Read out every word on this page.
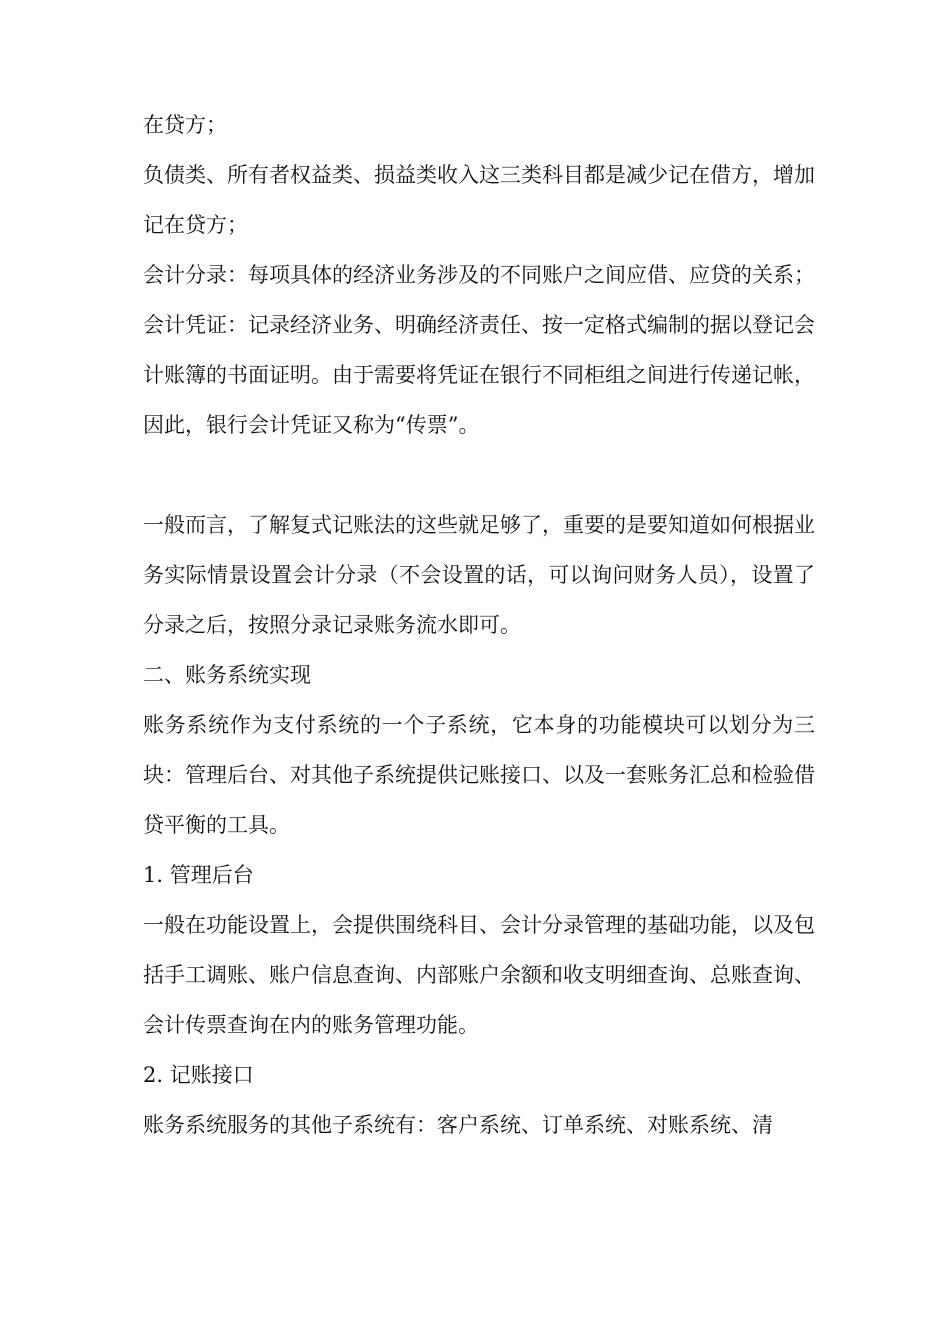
在贷方；

负债类、所有者权益类、损益类收入这三类科目都是减少记在借方，增加记在贷方；

会计分录：每项具体的经济业务涉及的不同账户之间应借、应贷的关系；

会计凭证：记录经济业务、明确经济责任、按一定格式编制的据以登记会计账簿的书面证明。由于需要将凭证在银行不同柜组之间进行传递记帐，因此，银行会计凭证又称为“传票”。

一般而言，了解复式记账法的这些就足够了，重要的是要知道如何根据业务实际情景设置会计分录（不会设置的话，可以询问财务人员），设置了分录之后，按照分录记录账务流水即可。

二、账务系统实现

账务系统作为支付系统的一个子系统，它本身的功能模块可以划分为三块：管理后台、对其他子系统提供记账接口、以及一套账务汇总和检验借贷平衡的工具。

1. 管理后台

一般在功能设置上，会提供围绕科目、会计分录管理的基础功能，以及包括手工调账、账户信息查询、内部账户余额和收支明细查询、总账查询、会计传票查询在内的账务管理功能。

2. 记账接口

账务系统服务的其他子系统有：客户系统、订单系统、对账系统、清
